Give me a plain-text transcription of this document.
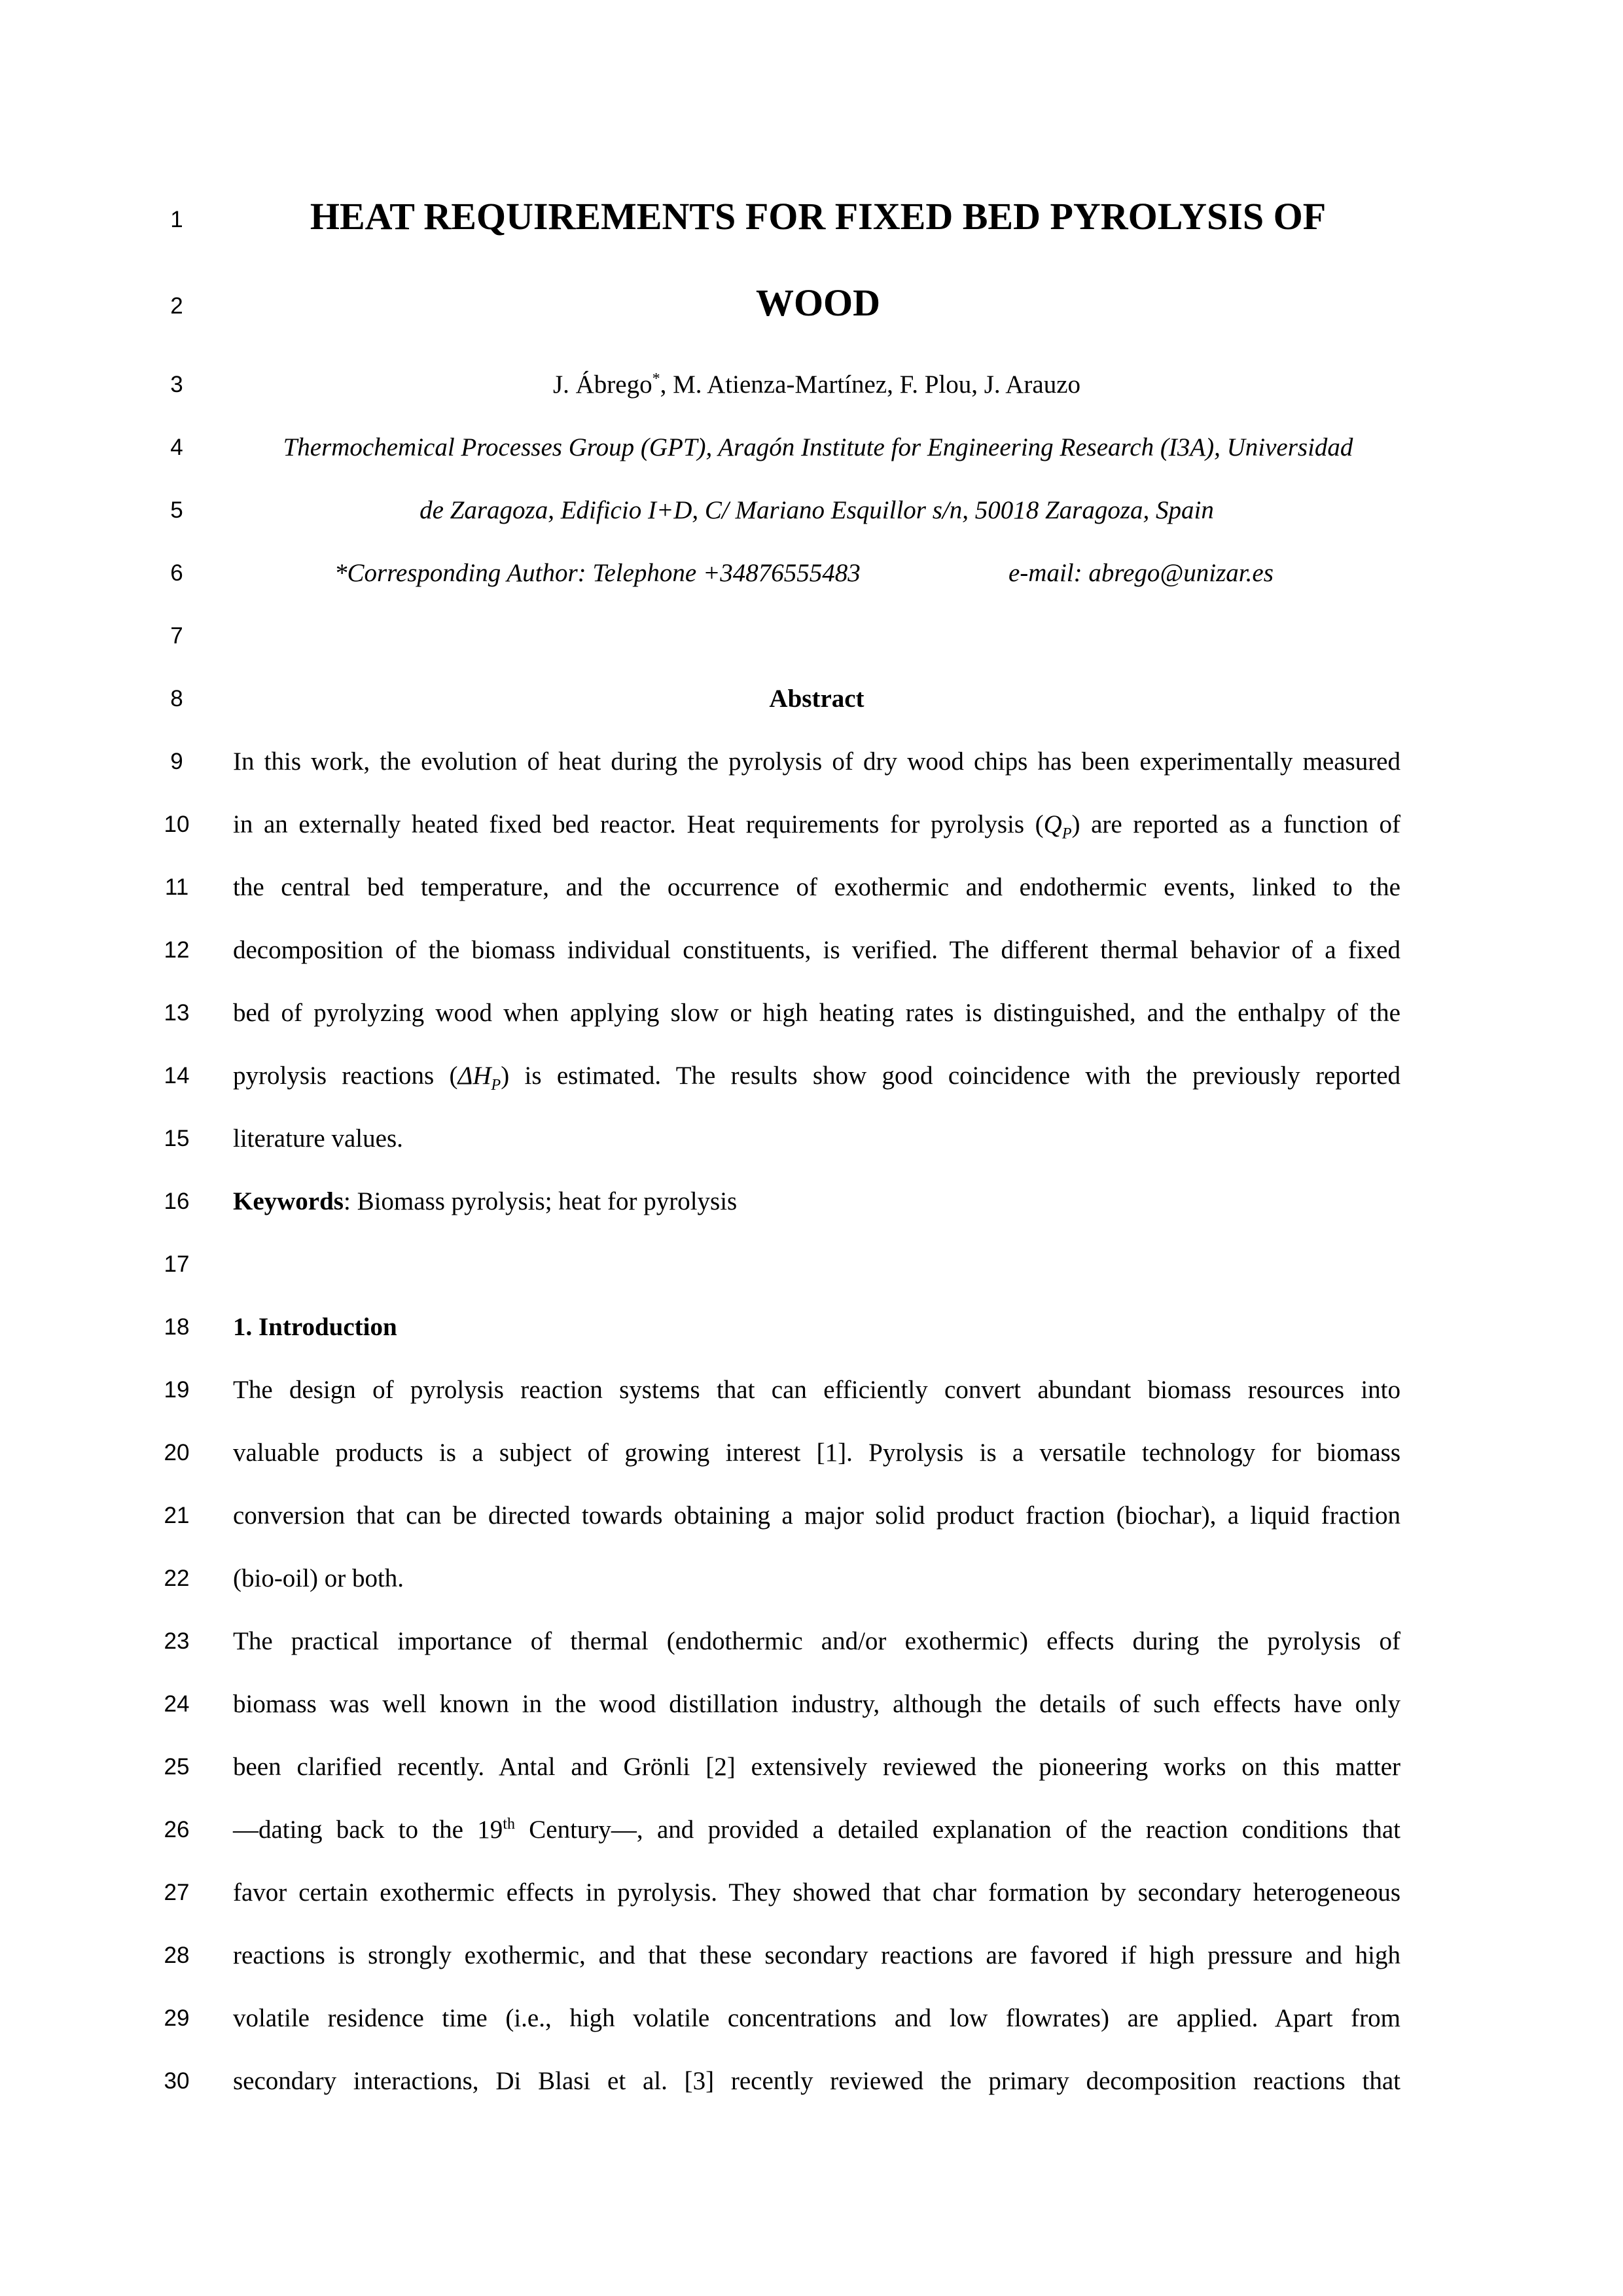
1
2
3
4
5
6
7
8
9
10
11
12
13
14
15
16
17
18
19
20
21
22
23
24
25
26
27
28
29
30
HEAT REQUIREMENTS FOR FIXED BED PYROLYSIS OF
WOOD
J. Ábrego*, M. Atienza-Martínez, F. Plou, J. Arauzo
Thermochemical Processes Group (GPT), Aragón Institute for Engineering Research (I3A), Universidad
de Zaragoza, Edificio I+D, C/ Mariano Esquillor s/n, 50018 Zaragoza, Spain
*Corresponding Author: Telephone +34876555483	e-mail: abrego@unizar.es
Abstract
In this work, the evolution of heat during the pyrolysis of dry wood chips has been experimentally measured
in an externally heated fixed bed reactor. Heat requirements for pyrolysis $(Q_P)$ are reported as a function of
the central bed temperature, and the occurrence of exothermic and endothermic events, linked to the
decomposition of the biomass individual constituents, is verified. The different thermal behavior of a fixed
bed of pyrolyzing wood when applying slow or high heating rates is distinguished, and the enthalpy of the
pyrolysis reactions $(\Delta H_P)$ is estimated. The results show good coincidence with the previously reported
literature values.
Keywords: Biomass pyrolysis; heat for pyrolysis
1. Introduction
The design of pyrolysis reaction systems that can efficiently convert abundant biomass resources into
valuable products is a subject of growing interest [1]. Pyrolysis is a versatile technology for biomass
conversion that can be directed towards obtaining a major solid product fraction (biochar), a liquid fraction
(bio-oil) or both.
The practical importance of thermal (endothermic and/or exothermic) effects during the pyrolysis of
biomass was well known in the wood distillation industry, although the details of such effects have only
been clarified recently. Antal and Grönli [2] extensively reviewed the pioneering works on this matter
―dating back to the 19th Century―, and provided a detailed explanation of the reaction conditions that
favor certain exothermic effects in pyrolysis. They showed that char formation by secondary heterogeneous
reactions is strongly exothermic, and that these secondary reactions are favored if high pressure and high
volatile residence time (i.e., high volatile concentrations and low flowrates) are applied. Apart from
secondary interactions, Di Blasi et al. [3] recently reviewed the primary decomposition reactions that
